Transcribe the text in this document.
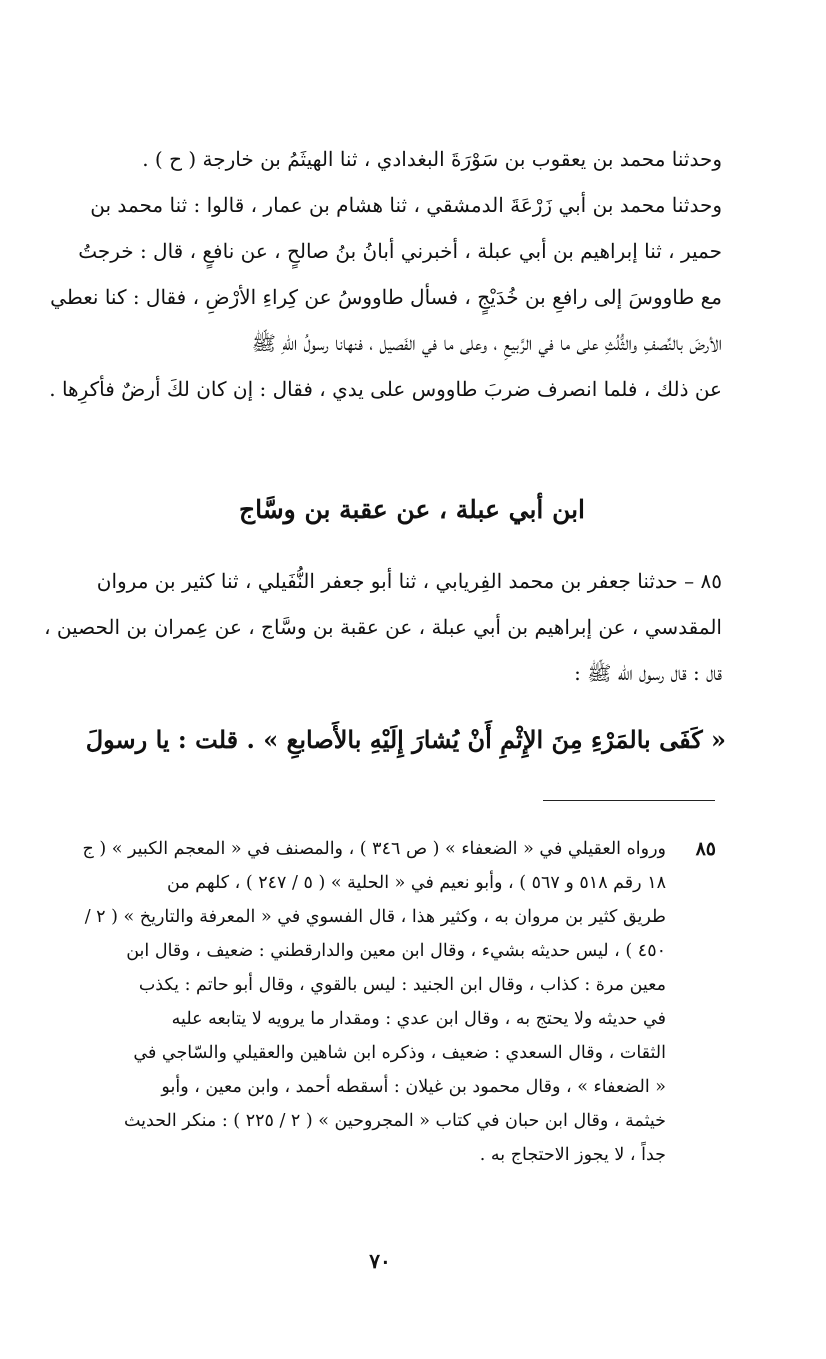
وحدثنا محمد بن يعقوب بن سَوْرَةَ البغدادي ، ثنا الهيثَمُ بن خارجة ( ح ) .
وحدثنا محمد بن أبي زَرْعَةَ الدمشقي ، ثنا هشام بن عمار ، قالوا : ثنا محمد بن
حمير ، ثنا إبراهيم بن أبي عبلة ، أخبرني أبانُ بنُ صالحٍ ، عن نافعٍ ، قال : خرجتُ
مع طاووسَ إلى رافعِ بن خُدَيْجٍ ، فسأل طاووسُ عن كِراءِ الأرْضِ ، فقال : كنا نعطي
الأرضَ بالنِّصفِ والثُّلُثِ على ما في الرَّبيعِ ، وعلى ما في الفَصيل ، فنهانا رسولُ اللهِ ﷺ
عن ذلك ، فلما انصرف ضربَ طاووس على يدي ، فقال : إن كان لكَ أرضٌ فأكرِها .
ابن أبي عبلة ، عن عقبة بن وسَّاج
٨٥ – حدثنا جعفر بن محمد الفِريابي ، ثنا أبو جعفر النُّفَيلي ، ثنا كثير بن مروان
المقدسي ، عن إبراهيم بن أبي عبلة ، عن عقبة بن وسَّاج ، عن عِمران بن الحصين ،
قال : قال رسول الله ﷺ :
« كَفَى بالمَرْءِ مِنَ الإِثْمِ أَنْ يُشارَ إِلَيْهِ بالأَصابعِ » . قلت : يا رسولَ
٨٥
ورواه العقيلي في « الضعفاء » ( ص ٣٤٦ ) ، والمصنف في « المعجم الكبير » ( ج
١٨ رقم ٥١٨ و ٥٦٧ ) ، وأبو نعيم في « الحلية » ( ٥ / ٢٤٧ ) ، كلهم من
طريق كثير بن مروان به ، وكثير هذا ، قال الفسوي في « المعرفة والتاريخ » ( ٢ /
٤٥٠ ) ، ليس حديثه بشيء ، وقال ابن معين والدارقطني : ضعيف ، وقال ابن
معين مرة : كذاب ، وقال ابن الجنيد : ليس بالقوي ، وقال أبو حاتم : يكذب
في حديثه ولا يحتج به ، وقال ابن عدي : ومقدار ما يرويه لا يتابعه عليه
الثقات ، وقال السعدي : ضعيف ، وذكره ابن شاهين والعقيلي والسّاجي في
« الضعفاء » ، وقال محمود بن غيلان : أسقطه أحمد ، وابن معين ، وأبو
خيثمة ، وقال ابن حبان في كتاب « المجروحين » ( ٢ / ٢٢٥ ) : منكر الحديث
جداً ، لا يجوز الاحتجاج به .
٧٠
